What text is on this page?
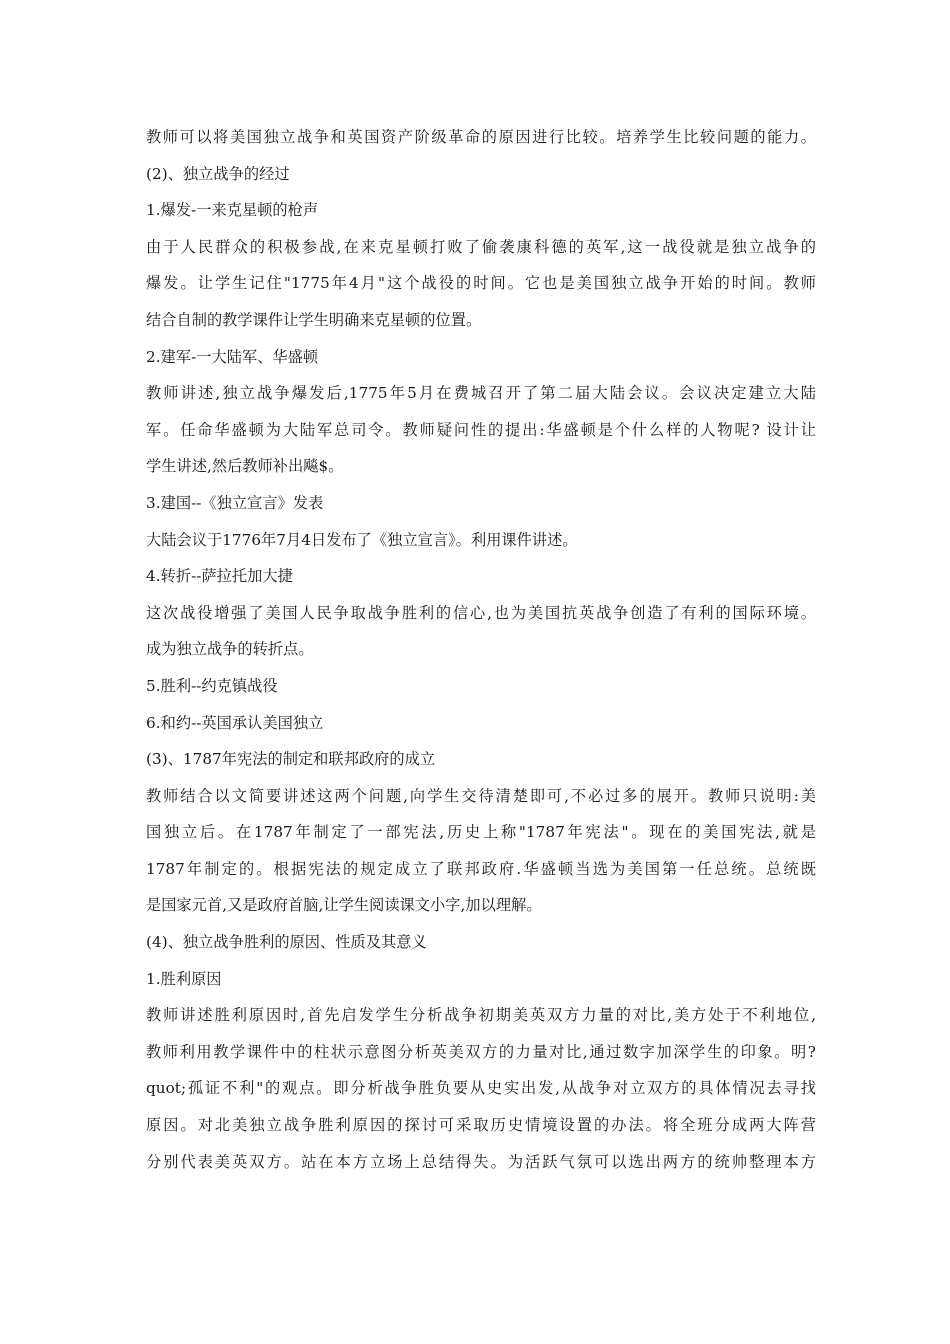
教师可以将美国独立战争和英国资产阶级革命的原因进行比较。培养学生比较问题的能力。
(2)、独立战争的经过
1.爆发-一来克星顿的枪声
由于人民群众的积极参战,在来克星顿打败了偷袭康科德的英军,这一战役就是独立战争的
爆发。让学生记住"1775年4月"这个战役的时间。它也是美国独立战争开始的时间。教师
结合自制的教学课件让学生明确来克星顿的位置。
2.建军-一大陆军、华盛顿
教师讲述,独立战争爆发后,1775年5月在费城召开了第二届大陆会议。会议决定建立大陆
军。任命华盛顿为大陆军总司令。教师疑问性的提出:华盛顿是个什么样的人物呢? 设计让
学生讲述,然后教师补出飚$。
3.建国--《独立宣言》发表
大陆会议于1776年7月4日发布了《独立宣言》。利用课件讲述。
4.转折--萨拉托加大捷
这次战役增强了美国人民争取战争胜利的信心,也为美国抗英战争创造了有利的国际环境。
成为独立战争的转折点。
5.胜利--约克镇战役
6.和约--英国承认美国独立
(3)、1787年宪法的制定和联邦政府的成立
教师结合以文简要讲述这两个问题,向学生交待清楚即可,不必过多的展开。教师只说明:美
国独立后。在1787年制定了一部宪法,历史上称"1787年宪法"。现在的美国宪法,就是
1787年制定的。根据宪法的规定成立了联邦政府.华盛顿当选为美国第一任总统。总统既
是国家元首,又是政府首脑,让学生阅读课文小字,加以理解。
(4)、独立战争胜利的原因、性质及其意义
1.胜利原因
教师讲述胜利原因时,首先启发学生分析战争初期美英双方力量的对比,美方处于不利地位,
教师利用教学课件中的柱状示意图分析英美双方的力量对比,通过数字加深学生的印象。明?
quot;孤证不利"的观点。即分析战争胜负要从史实出发,从战争对立双方的具体情况去寻找
原因。对北美独立战争胜利原因的探讨可采取历史情境设置的办法。将全班分成两大阵营
分别代表美英双方。站在本方立场上总结得失。为活跃气氛可以选出两方的统帅整理本方
